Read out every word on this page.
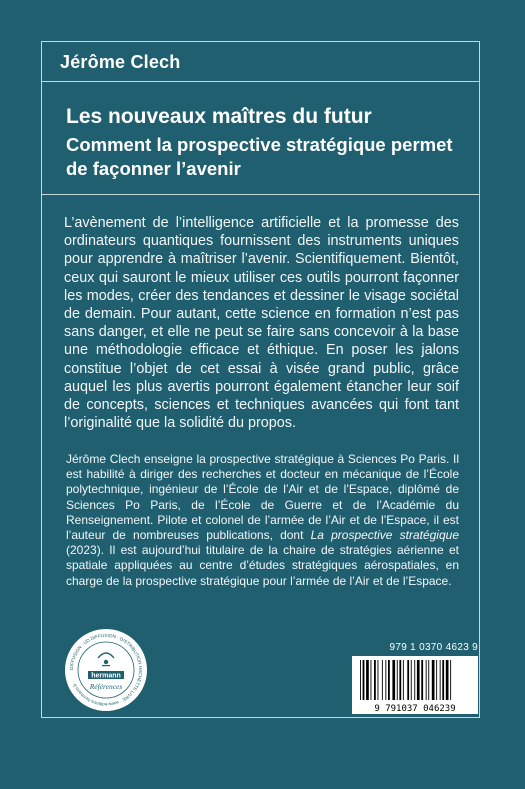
Jérôme Clech
Les nouveaux maîtres du futur
Comment la prospective stratégique permet de façonner l’avenir
L’avènement de l’intelligence artificielle et la promesse des ordinateurs quantiques fournissent des instruments uniques pour apprendre à maîtriser l’avenir. Scientifiquement. Bientôt, ceux qui sauront le mieux utiliser ces outils pourront façonner les modes, créer des tendances et dessiner le visage sociétal de demain. Pour autant, cette science en formation n’est pas sans danger, et elle ne peut se faire sans concevoir à la base une méthodologie efficace et éthique. En poser les jalons constitue l’objet de cet essai à visée grand public, grâce auquel les plus avertis pourront également étancher leur soif de concepts, sciences et techniques avancées qui font tant l’originalité que la solidité du propos.
Jérôme Clech enseigne la prospective stratégique à Sciences Po Paris. Il est habilité à diriger des recherches et docteur en mécanique de l’École polytechnique, ingénieur de l’École de l’Air et de l’Espace, diplômé de Sciences Po Paris, de l’École de Guerre et de l’Académie du Renseignement. Pilote et colonel de l’armée de l’Air et de l’Espace, il est l’auteur de nombreuses publications, dont La prospective stratégique (2023). Il est aujourd’hui titulaire de la chaire de stratégies aérienne et spatiale appliquées au centre d’études stratégiques aérospatiales, en charge de la prospective stratégique pour l’armée de l’Air et de l’Espace.
DIFFUSION : UD DIFFUSION · DISTRIBUTION HACHETTE LIVRE · www.editions-hermann.fr ·
hermann
Références
979 1 0370 4623 9
9 791037 046239
